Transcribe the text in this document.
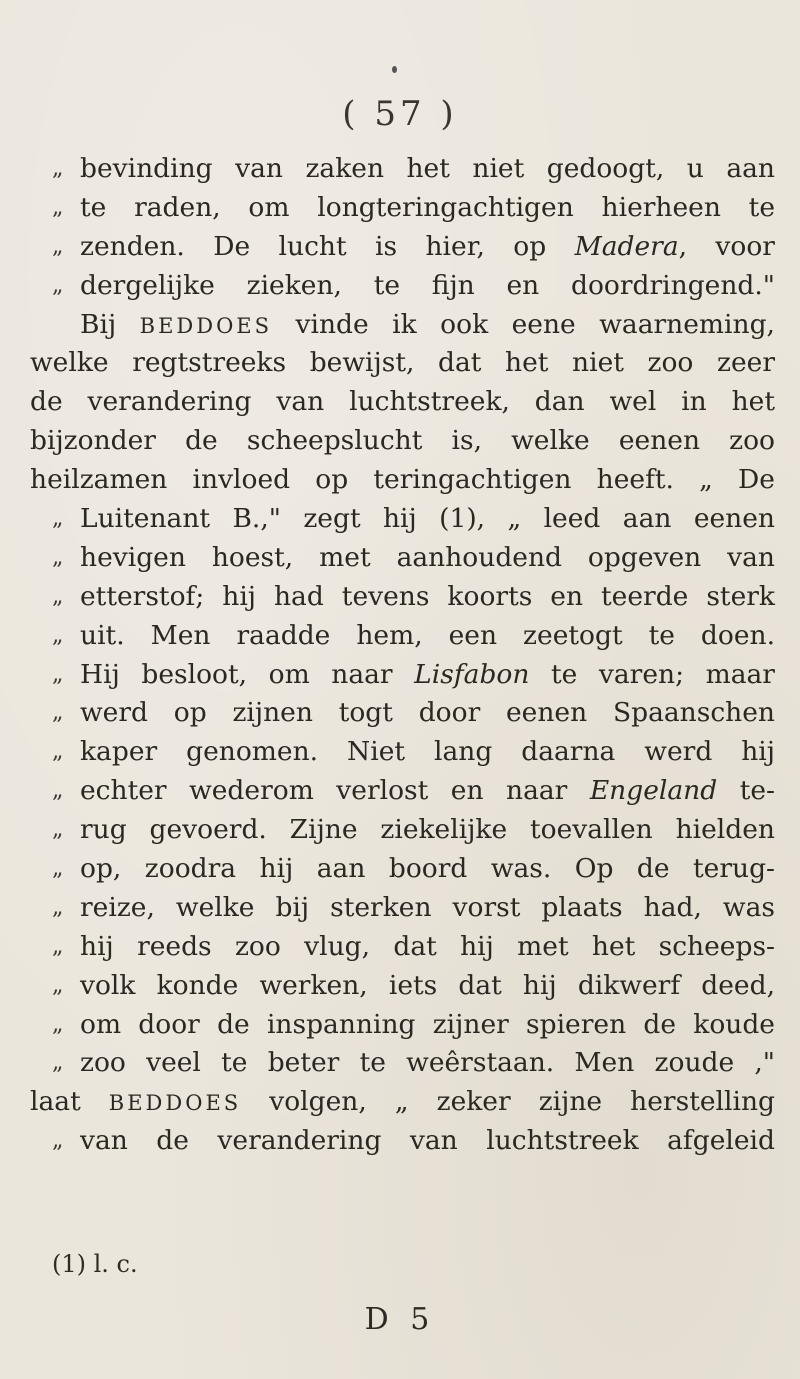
( 57 )
„ bevinding van zaken het niet gedoogt, u aan
„ te raden, om longteringachtigen hierheen te
„ zenden. De lucht is hier, op Madera, voor
„ dergelijke zieken, te fijn en doordringend."
Bij BEDDOES vinde ik ook eene waarneming,
welke regtstreeks bewijst, dat het niet zoo zeer
de verandering van luchtstreek, dan wel in het
bijzonder de scheepslucht is, welke eenen zoo
heilzamen invloed op teringachtigen heeft. „ De
„ Luitenant B.," zegt hij (1), „ leed aan eenen
„ hevigen hoest, met aanhoudend opgeven van
„ etterstof; hij had tevens koorts en teerde sterk
„ uit. Men raadde hem, een zeetogt te doen.
„ Hij besloot, om naar Lisfabon te varen; maar
„ werd op zijnen togt door eenen Spaanschen
„ kaper genomen. Niet lang daarna werd hij
„ echter wederom verlost en naar Engeland te-
„ rug gevoerd. Zijne ziekelijke toevallen hielden
„ op, zoodra hij aan boord was. Op de terug-
„ reize, welke bij sterken vorst plaats had, was
„ hij reeds zoo vlug, dat hij met het scheeps-
„ volk konde werken, iets dat hij dikwerf deed,
„ om door de inspanning zijner spieren de koude
„ zoo veel te beter te weêrstaan. Men zoude ,"
laat BEDDOES volgen, „ zeker zijne herstelling
„ van de verandering van luchtstreek afgeleid
(1) l. c.
D 5
